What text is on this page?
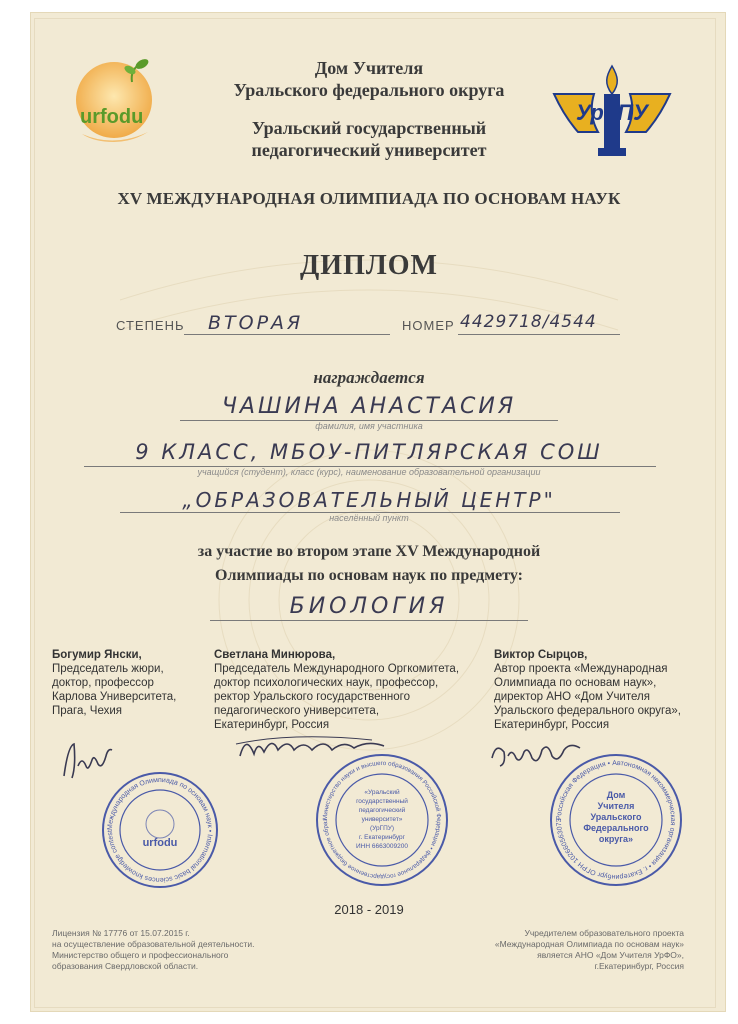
urfodu	УрГПУ
Дом Учителя
Уральского федерального округа
Уральский государственный
педагогический университет
XV МЕЖДУНАРОДНАЯ ОЛИМПИАДА ПО ОСНОВАМ НАУК
ДИПЛОМ
СТЕПЕНЬ ВТОРАЯ	НОМЕР 4429718/4544
награждается
ЧАШИНА АНАСТАСИЯ
фамилия, имя участника
9 КЛАСС, МБОУ-ПИТЛЯРСКАЯ СОШ
учащийся (студент), класс (курс), наименование образовательной организации
„ОБРАЗОВАТЕЛЬНЫЙ ЦЕНТР"
населённый пункт
за участие во втором этапе XV Международной
Олимпиады по основам наук по предмету:
БИОЛОГИЯ
Богумир Янски,
Председатель жюри,
доктор, профессор
Карлова Университета,
Прага, Чехия
Светлана Минюрова,
Председатель Международного Оргкомитета,
доктор психологических наук, профессор,
ректор Уральского государственного
педагогического университета,
Екатеринбург, Россия
Виктор Сырцов,
Автор проекта «Международная
Олимпиада по основам наук»,
директор АНО «Дом Учителя
Уральского федерального округа»,
Екатеринбург, Россия
Международная Олимпиада по основам наук • International basic sciences knowledge contest
urfodu
Министерство науки и высшего образования Российской Федерации • федеральное государственное бюджетное образ
«Уральский
государственный
педагогический
университет»
(УрГПУ)
г. Екатеринбург
ИНН 6663009200
Российская Федерация • Автономная некоммерческая организация • г. Екатеринбург ОГРН 102660563073
Дом
Учителя
Уральского
Федерального
округа»
2018 - 2019
Лицензия № 17776 от 15.07.2015 г.
на осуществление образовательной деятельности.
Министерство общего и профессионального
образования Свердловской области.
Учредителем образовательного проекта
«Международная Олимпиада по основам наук»
является АНО «Дом Учителя УрФО»,
г.Екатеринбург, Россия
